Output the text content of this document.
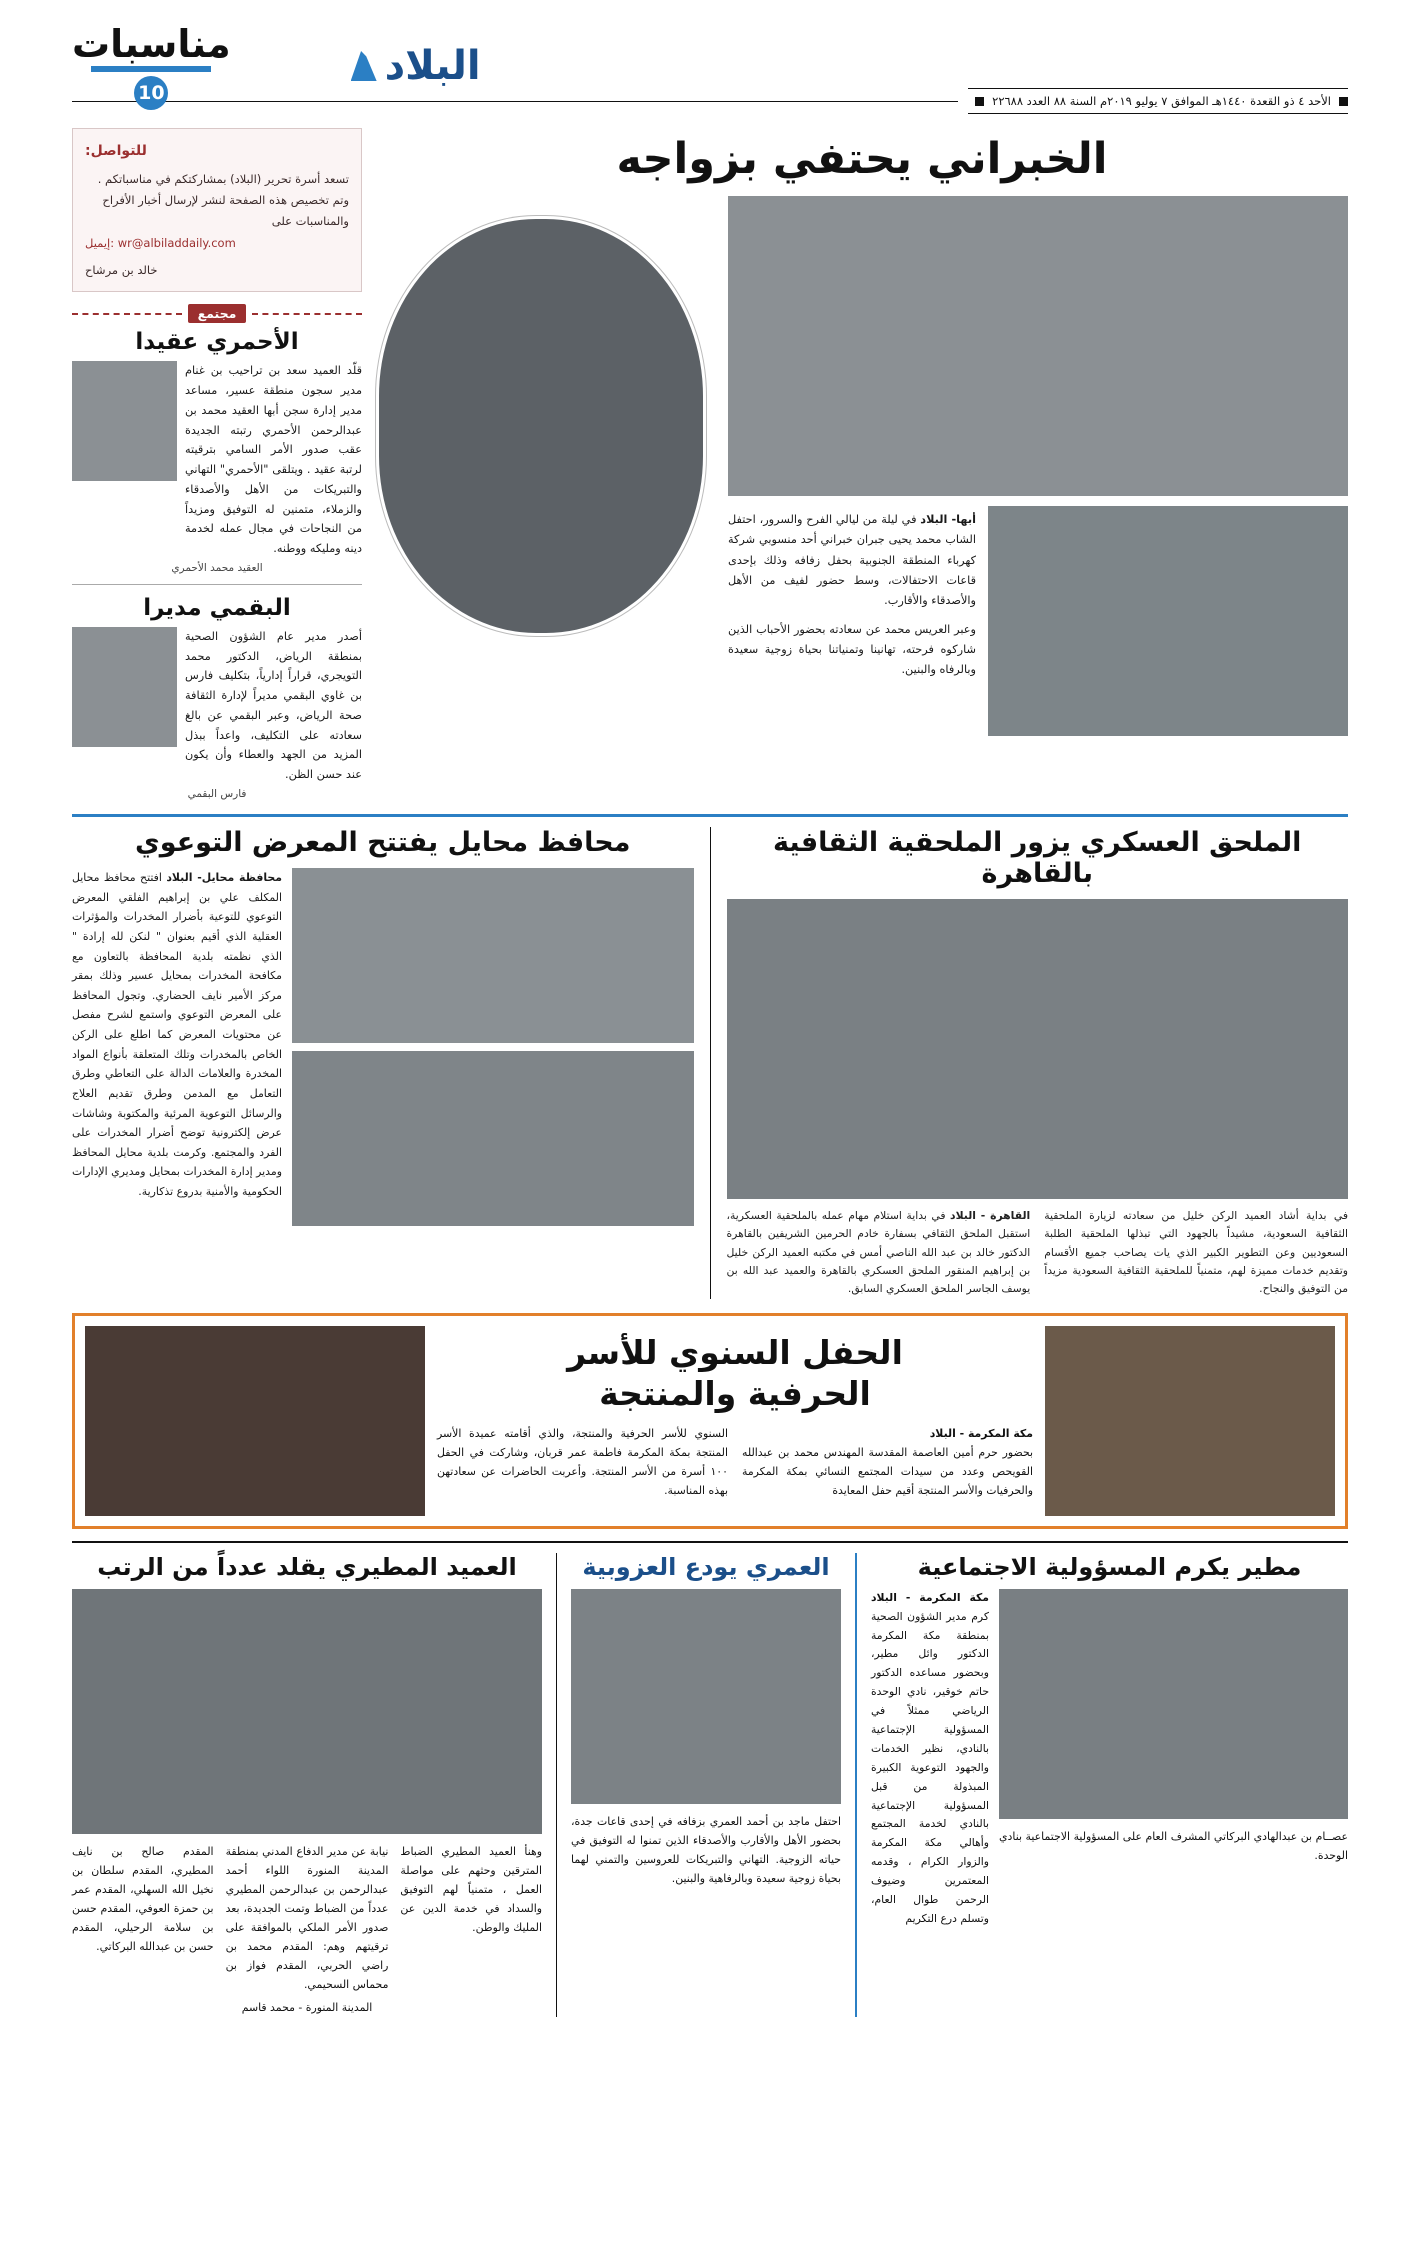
البلاد
مناسبات
10	الأحد ٤ ذو القعدة ١٤٤٠هـ الموافق ٧ يوليو ٢٠١٩م السنة ٨٨ العدد ٢٢٦٨٨
الخبراني يحتفي بزواجه
أبها- البلاد في ليلة من ليالي الفرح والسرور، احتفل الشاب محمد يحيى جبران خبراني أحد منسوبي شركة كهرباء المنطقة الجنوبية بحفل زفافه وذلك بإحدى قاعات الاحتفالات، وسط حضور لفيف من الأهل والأصدقاء والأقارب.
وعبر العريس محمد عن سعادته بحضور الأحباب الذين شاركوه فرحته، تهانينا وتمنياتنا بحياة زوجية سعيدة وبالرفاه والبنين.
للتواصل:
تسعد أسرة تحرير (البلاد) بمشاركتكم في مناسباتكم . وتم تخصيص هذه الصفحة لنشر لإرسال أخبار الأفراح والمناسبات على
إيميل: wr@albiladdaily.com
خالد بن مرشاح
مجتمع
الأحمري عقيدا
قلّد العميد سعد بن تراحيب بن غنام مدير سجون منطقة عسير، مساعد مدير إدارة سجن أبها العقيد محمد بن عبدالرحمن الأحمري رتبته الجديدة عقب صدور الأمر السامي بترقيته لرتبة عقيد . ويتلقى "الأحمري" التهاني والتبريكات من الأهل والأصدقاء والزملاء، متمنين له التوفيق ومزيداً من النجاحات في مجال عمله لخدمة دينه ومليكه ووطنه.
العقيد محمد الأحمري
البقمي مديرا
أصدر مدير عام الشؤون الصحية بمنطقة الرياض، الدكتور محمد التويجري، قراراً إدارياً، بتكليف فارس بن غاوي البقمي مديراً لإدارة الثقافة صحة الرياض، وعبر البقمي عن بالغ سعادته على التكليف، واعداً ببذل المزيد من الجهد والعطاء وأن يكون عند حسن الظن.
فارس البقمي
الملحق العسكري يزور الملحقية الثقافية بالقاهرة
في بداية أشاد العميد الركن خليل من سعادته لزيارة الملحقية الثقافية السعودية، مشيداً بالجهود التي تبذلها الملحقية الطلبة السعوديين وعن التطوير الكبير الذي يات يصاحب جميع الأقسام وتقديم خدمات مميزة لهم، متمنياً للملحقية الثقافية السعودية مزيداً من التوفيق والنجاح.
القاهرة - البلاد في بداية استلام مهام عمله بالملحقية العسكرية، استقبل الملحق الثقافي بسفارة خادم الحرمين الشريفين بالقاهرة الدكتور خالد بن عبد الله الناصي أمس في مكتبه العميد الركن خليل بن إبراهيم المنقور الملحق العسكري بالقاهرة والعميد عبد الله بن يوسف الجاسر الملحق العسكري السابق.
محافظ محايل يفتتح المعرض التوعوي
محافظة محايل- البلاد افتتح محافظ محايل المكلف علي بن إبراهيم الفلقي المعرض التوعوي للتوعية بأضرار المخدرات والمؤثرات العقلية الذي أقيم بعنوان " لنكن لله إرادة " الذي نظمته بلدية المحافظة بالتعاون مع مكافحة المخدرات بمحايل عسير وذلك بمقر مركز الأمير نايف الحضاري. وتجول المحافظ على المعرض التوعوي واستمع لشرح مفصل عن محتويات المعرض كما اطلع على الركن الخاص بالمخدرات وتلك المتعلقة بأنواع المواد المخدرة والعلامات الدالة على التعاطي وطرق التعامل مع المدمن وطرق تقديم العلاج والرسائل التوعوية المرئية والمكتوبة وشاشات عرض إلكترونية توضح أضرار المخدرات على الفرد والمجتمع. وكرمت بلدية محايل المحافظ ومدير إدارة المخدرات بمحايل ومديري الإدارات الحكومية والأمنية بدروع تذكارية.
الحفل السنوي للأسر
الحرفية والمنتجة
مكة المكرمة - البلاد
بحضور حرم أمين العاصمة المقدسة المهندس محمد بن عبدالله القويحص وعدد من سيدات المجتمع النسائي بمكة المكرمة والحرفيات والأسر المنتجة أقيم حفل المعايدة
السنوي للأسر الحرفية والمنتجة، والذي أقامته عميدة الأسر المنتجة بمكة المكرمة فاطمة عمر قربان، وشاركت في الحفل ١٠٠ أسرة من الأسر المنتجة. وأعربت الحاضرات عن سعادتهن بهذه المناسبة.
مطير يكرم المسؤولية الاجتماعية
عصــام بن عبدالهادي البركاتي المشرف العام على المسؤولية الاجتماعية بنادي الوحدة.
مكة المكرمة - البلاد كرم مدير الشؤون الصحية بمنطقة مكة المكرمة الدكتور وائل مطير، وبحضور مساعده الدكتور حاتم خوقير، نادي الوحدة الرياضي ممثلاً في المسؤولية الإجتماعية بالنادي، نظير الخدمات والجهود التوعوية الكبيرة المبذولة من قبل المسؤولية الإجتماعية بالنادي لخدمة المجتمع وأهالي مكة المكرمة والزوار الكرام ، وقدمه المعتمرين وضيوف الرحمن طوال العام، وتسلم درع التكريم
العمري يودع العزوبية
احتفل ماجد بن أحمد العمري بزفافه في إحدى قاعات جدة، بحضور الأهل والأقارب والأصدقاء الذين تمنوا له التوفيق في حياته الزوجية. التهاني والتبريكات للعروسين والتمني لهما بحياة زوجية سعيدة وبالرفاهية والبنين.
العميد المطيري يقلد عدداً من الرتب
وهنأ العميد المطيري الضباط المترقين وحثهم على مواصلة العمل ، متمنياً لهم التوفيق والسداد في خدمة الدين عن المليك والوطن.
نيابة عن مدير الدفاع المدني بمنطقة المدينة المنورة اللواء أحمد عبدالرحمن بن عبدالرحمن المطيري عدداً من الضباط وتمت الجديدة، بعد صدور الأمر الملكي بالموافقة على ترقيتهم وهم: المقدم محمد بن راضي الحربي، المقدم فواز بن محماس السحيمي.
المقدم صالح بن نايف المطيري، المقدم سلطان بن نخيل الله السهلي، المقدم عمر بن حمزة العوفي، المقدم حسن بن سلامة الرحيلي، المقدم حسن بن عبدالله البركاتي.
المدينة المنورة - محمد قاسم
